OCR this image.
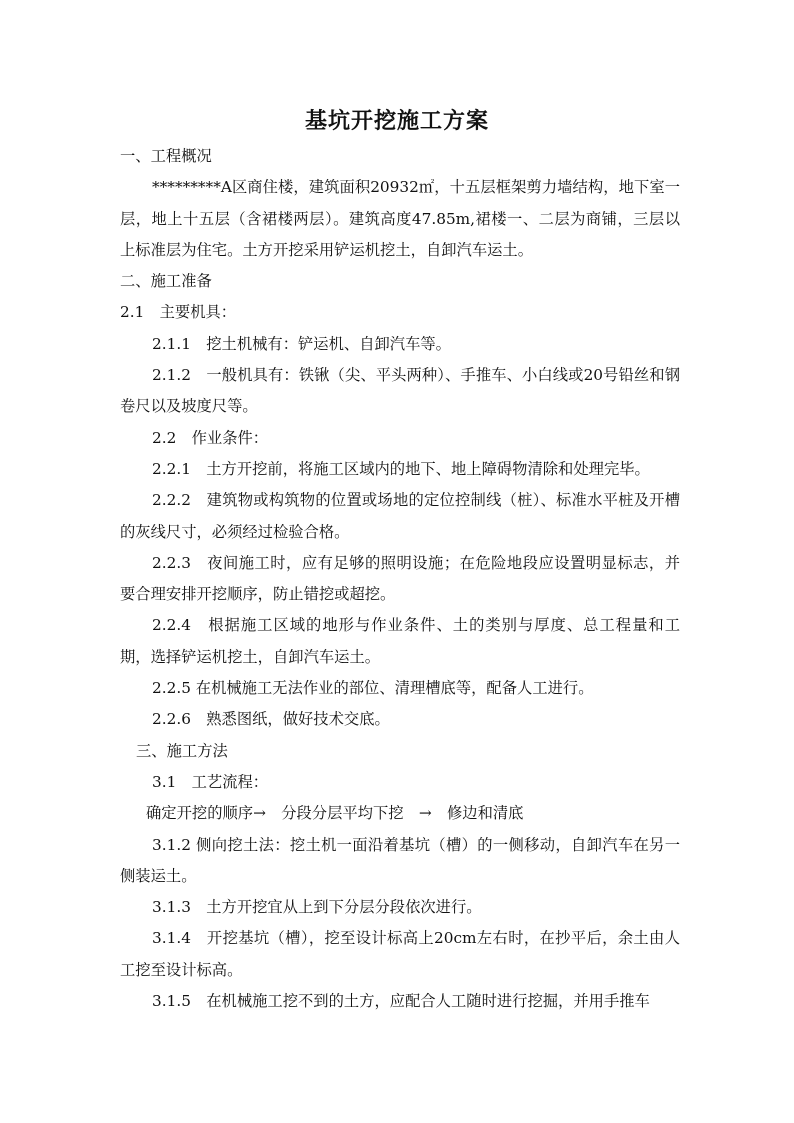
基坑开挖施工方案

一、工程概况

*********A区商住楼，建筑面积20932㎡，十五层框架剪力墙结构，地下室一层，地上十五层（含裙楼两层）。建筑高度47.85m,裙楼一、二层为商铺，三层以上标准层为住宅。土方开挖采用铲运机挖土，自卸汽车运土。

二、施工准备

2.1　主要机具：

2.1.1　挖土机械有：铲运机、自卸汽车等。

2.1.2　一般机具有：铁锹（尖、平头两种）、手推车、小白线或20号铅丝和钢卷尺以及坡度尺等。

2.2　作业条件：

2.2.1　土方开挖前，将施工区域内的地下、地上障碍物清除和处理完毕。

2.2.2　建筑物或构筑物的位置或场地的定位控制线（桩）、标准水平桩及开槽的灰线尺寸，必须经过检验合格。

2.2.3　夜间施工时，应有足够的照明设施；在危险地段应设置明显标志，并要合理安排开挖顺序，防止错挖或超挖。

2.2.4　根据施工区域的地形与作业条件、土的类别与厚度、总工程量和工期，选择铲运机挖土，自卸汽车运土。

2.2.5 在机械施工无法作业的部位、清理槽底等，配备人工进行。

2.2.6　熟悉图纸，做好技术交底。

三、施工方法

3.1　工艺流程：

确定开挖的顺序→　分段分层平均下挖　→　修边和清底

3.1.2 侧向挖土法：挖土机一面沿着基坑（槽）的一侧移动，自卸汽车在另一侧装运土。

3.1.3　土方开挖宜从上到下分层分段依次进行。

3.1.4　开挖基坑（槽），挖至设计标高上20cm左右时，在抄平后，余土由人工挖至设计标高。

3.1.5　在机械施工挖不到的土方，应配合人工随时进行挖掘，并用手推车
